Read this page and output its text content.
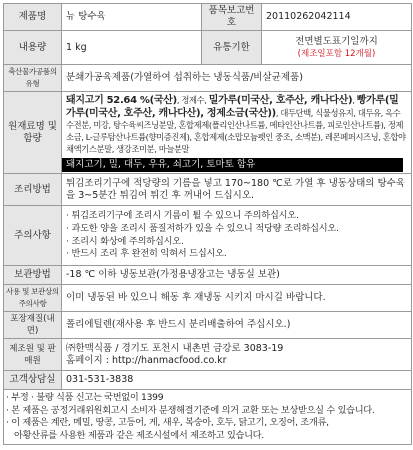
제품명	뉴 탕수육	품목보고번호	20110262042114
내용량	1 kg	유통기한	전면별도표기일까지
(제조일포함 12개월)

축산물가공품의 유형	분쇄가공육제품(가열하여 섭취하는 냉동식품/비살균제품)		
원재료명 및 함량	돼지고기 52.64 %(국산), 정제수, 밀가루(미국산, 호주산, 캐나다산), 빵가루(밀가루(미국산, 호주산, 캐나다산), 정제소금(국산)), 대두단백, 식물성유지, 대두유, 옥수수전분, 미강, 탕수육씨즈닝분말, 혼합제제(폴리인산나트륨, 메타인산나트륨, 피로인산나트륨), 정제소금, L-글루탐산나트륨(향미증진제), 혼합제제(소맙모늄펫인 중조, 소맥분), 레몬페퍼시즈닝, 혼합야채엑기스분말, 생강조미분, 마늘분말
돼지고기, 밀, 대두, 우유, 쇠고기, 토마토 함유		

조리방법	튀김조리기구에 적당량의 기름을 넣고 170~180 ℃로 가열 후 냉동상태의 탕수육을 3~5분간 튀김여 튀긴 후 꺼내어 드십시오.		
주의사항	· 튀김조리기구에 조리시 기름이 튈 수 있으니 주의하십시오.
· 과도한 양을 조리시 품질저하가 있을 수 있으니 적당량 조리하십시오.
· 조리시 화상에 주의하십시오.
· 반드시 조리 후 완전히 익혀서 드십시오.		

보관방법	-18 ℃ 이하 냉동보관(가정용냉장고는 냉동실 보관)		
사용 및 보관상의 주의사항	이미 냉동된 바 있으니 해동 후 재냉동 시키지 마시길 바랍니다.		
포장재질(내면)	폴리에틸렌(재사용 후 반드시 분리배출하여 주십시오.)		
제조원 및 판매원	㈜한맥식품 / 경기도 포천시 내촌면 금강로 3083-19
홈페이지 : http://hanmacfood.co.kr		

고객상담실	031-531-3838		

· 부정 · 불량 식품 신고는 국번없이 1399
· 본 제품은 공정거래위원회고시 소비자 분쟁해결기준에 의거 교환 또는 보상받으실 수 있습니다.
· 이 제품은 계란, 메밀, 땅콩, 고등어, 게, 새우, 복숭아, 호두, 닭고기, 오징어, 조개류,
아황산류를 사용한 제품과 같은 제조시설에서 제조하고 있습니다.			
